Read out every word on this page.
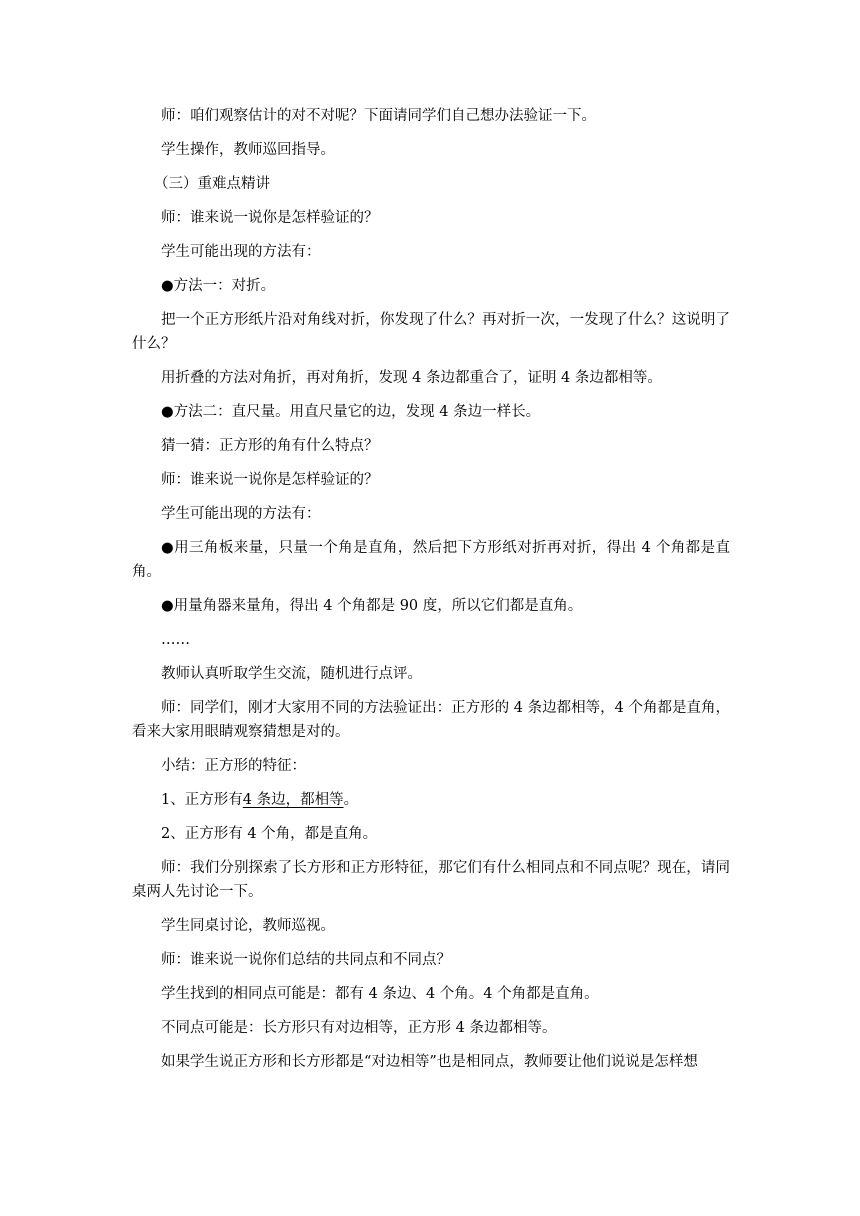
师：咱们观察估计的对不对呢？下面请同学们自己想办法验证一下。

学生操作，教师巡回指导。

（三）重难点精讲

师：谁来说一说你是怎样验证的？

学生可能出现的方法有：

●方法一：对折。

把一个正方形纸片沿对角线对折，你发现了什么？再对折一次，一发现了什么？这说明了什么？

用折叠的方法对角折，再对角折，发现 4 条边都重合了，证明 4 条边都相等。

●方法二：直尺量。用直尺量它的边，发现 4 条边一样长。

猜一猜：正方形的角有什么特点？

师：谁来说一说你是怎样验证的？

学生可能出现的方法有：

●用三角板来量，只量一个角是直角，然后把下方形纸对折再对折，得出 4 个角都是直角。

●用量角器来量角，得出 4 个角都是 90 度，所以它们都是直角。

……

教师认真听取学生交流，随机进行点评。

师：同学们，刚才大家用不同的方法验证出：正方形的 4 条边都相等，4 个角都是直角，看来大家用眼睛观察猜想是对的。

小结：正方形的特征：

1、正方形有4 条边，都相等。

2、正方形有 4 个角，都是直角。

师：我们分别探索了长方形和正方形特征，那它们有什么相同点和不同点呢？现在，请同桌两人先讨论一下。

学生同桌讨论，教师巡视。

师：谁来说一说你们总结的共同点和不同点？

学生找到的相同点可能是：都有 4 条边、4 个角。4 个角都是直角。

不同点可能是：长方形只有对边相等，正方形 4 条边都相等。

如果学生说正方形和长方形都是“对边相等”也是相同点，教师要让他们说说是怎样想
